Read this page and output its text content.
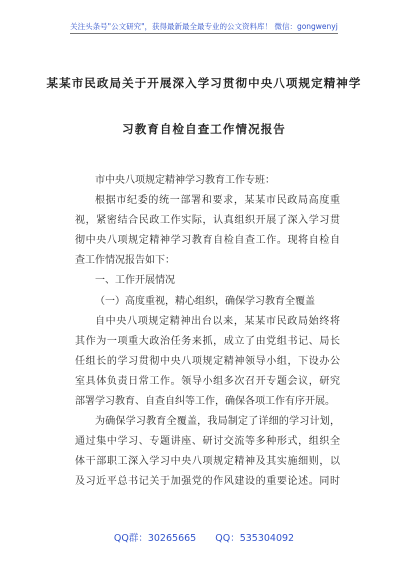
关注头条号"公文研究"，获得最新最全最专业的公文资料库！ 微信：gongwenyj
某某市民政局关于开展深入学习贯彻中央八项规定精神学
习教育自检自查工作情况报告
市中央八项规定精神学习教育工作专班：
根据市纪委的统一部署和要求，某某市民政局高度重
视，紧密结合民政工作实际，认真组织开展了深入学习贯
彻中央八项规定精神学习教育自检自查工作。现将自检自
查工作情况报告如下：
一、工作开展情况
（一）高度重视，精心组织，确保学习教育全覆盖
自中央八项规定精神出台以来，某某市民政局始终将
其作为一项重大政治任务来抓，成立了由党组书记、局长
任组长的学习贯彻中央八项规定精神领导小组，下设办公
室具体负责日常工作。领导小组多次召开专题会议，研究
部署学习教育、自查自纠等工作，确保各项工作有序开展。
为确保学习教育全覆盖，我局制定了详细的学习计划，
通过集中学习、专题讲座、研讨交流等多种形式，组织全
体干部职工深入学习中央八项规定精神及其实施细则，以
及习近平总书记关于加强党的作风建设的重要论述。同时
QQ群：30265665 QQ：535304092
